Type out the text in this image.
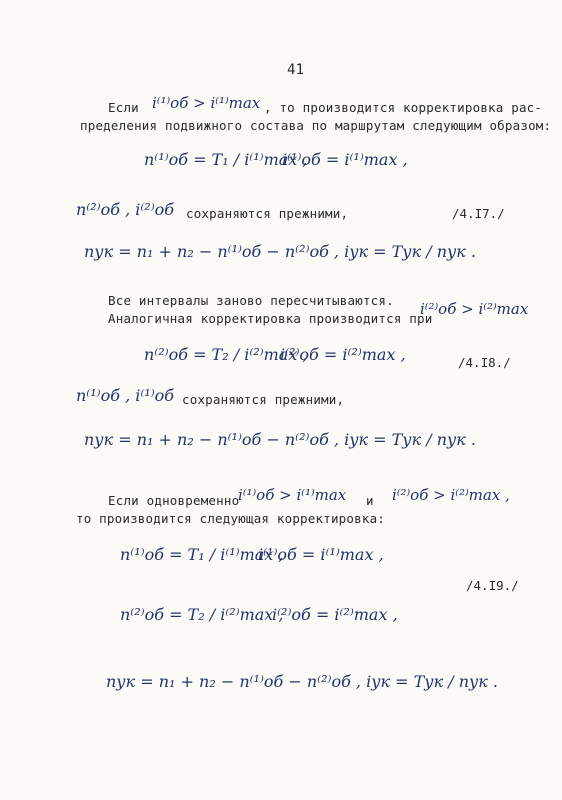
41
Если i⁽¹⁾об > i⁽¹⁾max , то производится корректировка рас-
пределения подвижного состава по маршрутам следующим образом:
n⁽¹⁾об = T₁ / i⁽¹⁾max ,
i⁽¹⁾об = i⁽¹⁾max ,
n⁽²⁾об , i⁽²⁾об сохраняются прежними,	/4.I7./
nук = n₁ + n₂ − n⁽¹⁾об − n⁽²⁾об , iук = Tук / nук .
Все интервалы заново пересчитываются.
Аналогичная корректировка производится при
i⁽²⁾об > i⁽²⁾max
n⁽²⁾об = T₂ / i⁽²⁾max ,
i⁽²⁾об = i⁽²⁾max ,	/4.I8./
n⁽¹⁾об , i⁽¹⁾об сохраняются прежними,
nук = n₁ + n₂ − n⁽¹⁾об − n⁽²⁾об , iук = Tук / nук .
Если одновременно
i⁽¹⁾об > i⁽¹⁾max и i⁽²⁾об > i⁽²⁾max ,
то производится следующая корректировка:
n⁽¹⁾об = T₁ / i⁽¹⁾max ,
i⁽¹⁾об = i⁽¹⁾max ,
/4.I9./
n⁽²⁾об = T₂ / i⁽²⁾max ,
i⁽²⁾об = i⁽²⁾max ,
nук = n₁ + n₂ − n⁽¹⁾об − n⁽²⁾об , iук = Tук / nук .
